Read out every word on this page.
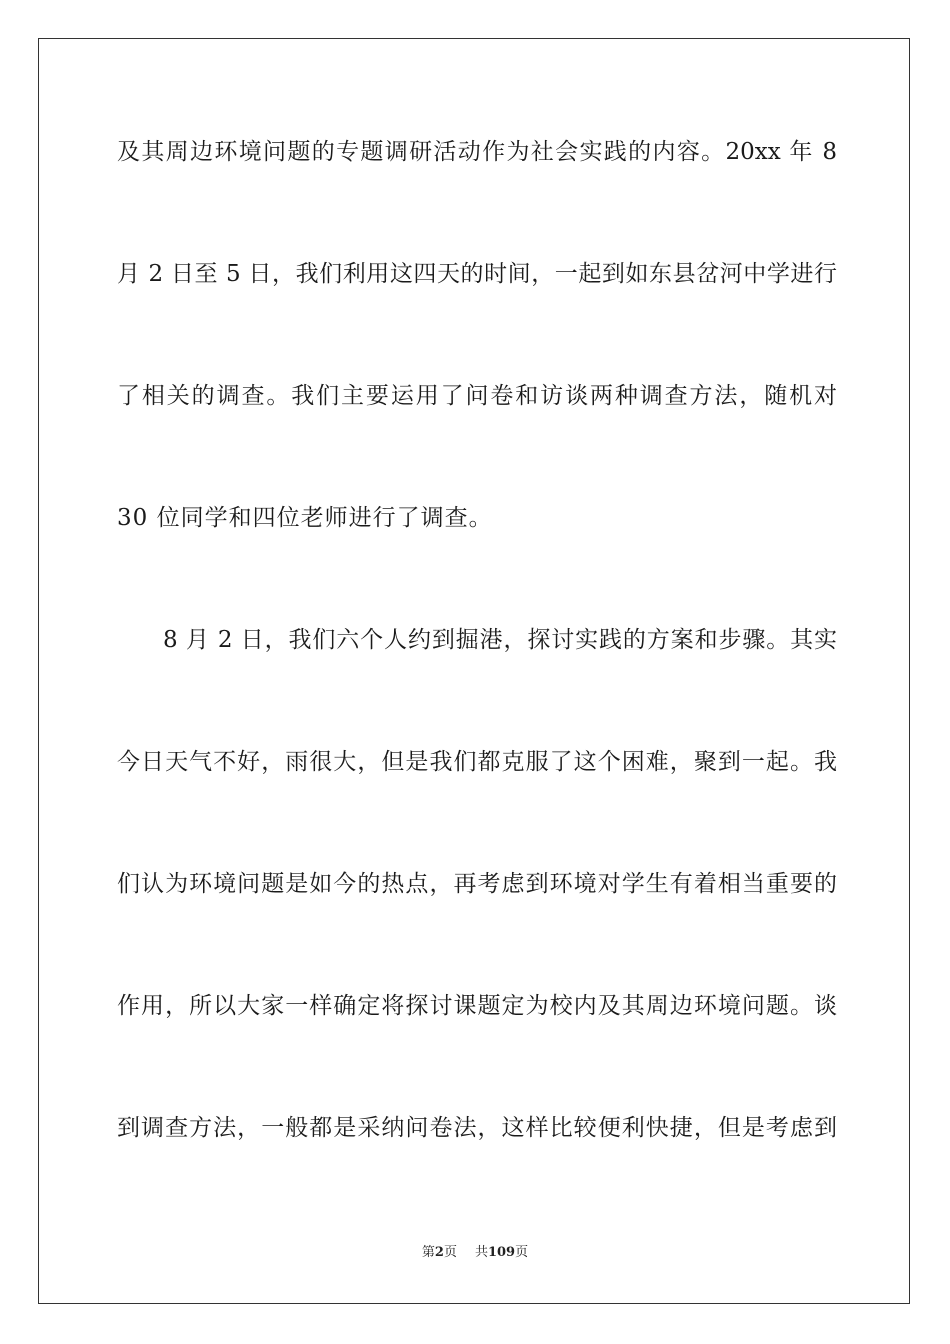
及其周边环境问题的专题调研活动作为社会实践的内容。20xx 年 8
月 2 日至 5 日，我们利用这四天的时间，一起到如东县岔河中学进行
了相关的调查。我们主要运用了问卷和访谈两种调查方法，随机对
30 位同学和四位老师进行了调查。
8 月 2 日，我们六个人约到掘港，探讨实践的方案和步骤。其实
今日天气不好，雨很大，但是我们都克服了这个困难，聚到一起。我
们认为环境问题是如今的热点，再考虑到环境对学生有着相当重要的
作用，所以大家一样确定将探讨课题定为校内及其周边环境问题。谈
到调查方法，一般都是采纳问卷法，这样比较便利快捷，但是考虑到
第2页 共109页
